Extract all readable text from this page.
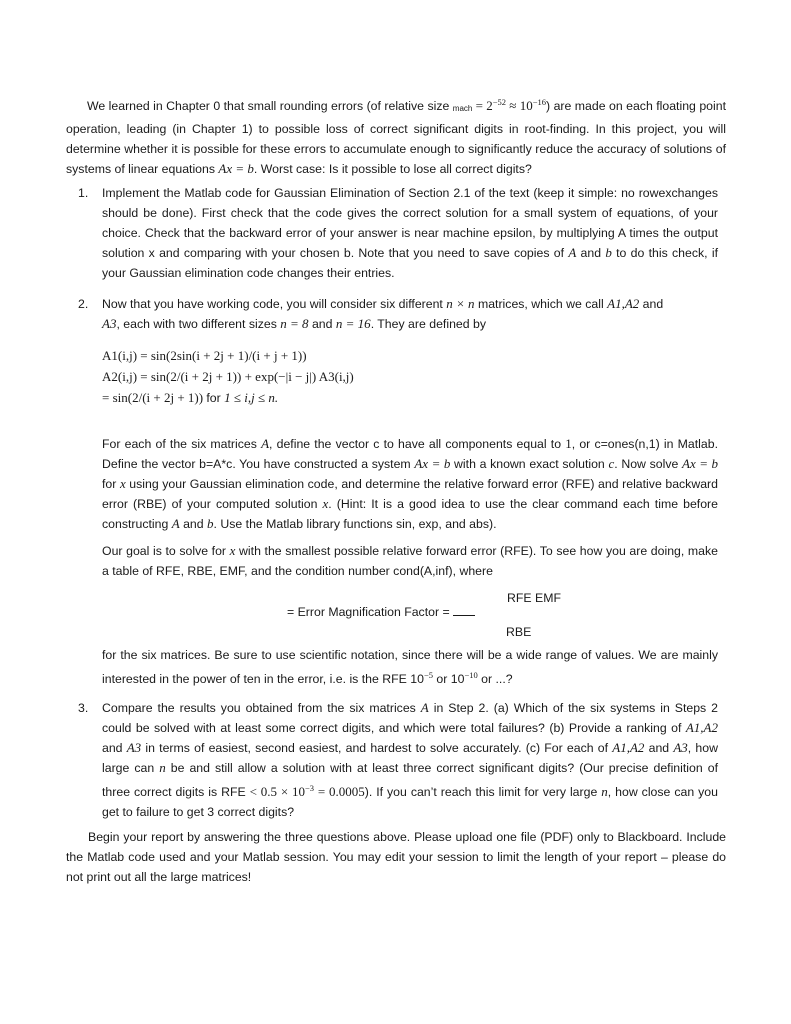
We learned in Chapter 0 that small rounding errors (of relative size mach = $2^{-52} \approx 10^{-16}$) are made on each floating point operation, leading (in Chapter 1) to possible loss of correct significant digits in root-finding. In this project, you will determine whether it is possible for these errors to accumulate enough to significantly reduce the accuracy of solutions of systems of linear equations Ax = b. Worst case: Is it possible to lose all correct digits?

1. Implement the Matlab code for Gaussian Elimination of Section 2.1 of the text (keep it simple: no rowexchanges should be done). First check that the code gives the correct solution for a small system of equations, of your choice. Check that the backward error of your answer is near machine epsilon, by multiplying A times the output solution x and comparing with your chosen b. Note that you need to save copies of A and b to do this check, if your Gaussian elimination code changes their entries.

2. Now that you have working code, you will consider six different n × n matrices, which we call A1,A2 and
A3, each with two different sizes n = 8 and n = 16. They are defined by

A1(i,j) = sin(2sin(i + 2j + 1)/(i + j + 1))
A2(i,j) = sin(2/(i + 2j + 1)) + exp(−|i − j|) A3(i,j)
= sin(2/(i + 2j + 1)) for 1 ≤ i,j ≤ n.

For each of the six matrices A, define the vector c to have all components equal to 1, or c=ones(n,1) in Matlab. Define the vector b=A*c. You have constructed a system Ax = b with a known exact solution c. Now solve Ax = b for x using your Gaussian elimination code, and determine the relative forward error (RFE) and relative backward error (RBE) of your computed solution x. (Hint: It is a good idea to use the clear command each time before constructing A and b. Use the Matlab library functions sin, exp, and abs).

Our goal is to solve for x with the smallest possible relative forward error (RFE). To see how you are doing, make a table of RFE, RBE, EMF, and the condition number cond(A,inf), where

RFE EMF
= Error Magnification Factor =
RBE

for the six matrices. Be sure to use scientific notation, since there will be a wide range of values. We are mainly interested in the power of ten in the error, i.e. is the RFE $10^{-5}$ or $10^{-10}$ or ...?

3. Compare the results you obtained from the six matrices A in Step 2. (a) Which of the six systems in Steps 2 could be solved with at least some correct digits, and which were total failures? (b) Provide a ranking of A1,A2 and A3 in terms of easiest, second easiest, and hardest to solve accurately. (c) For each of A1,A2 and A3, how large can n be and still allow a solution with at least three correct significant digits? (Our precise definition of three correct digits is RFE < $0.5 \times 10^{-3} = 0.0005$). If you can’t reach this limit for very large n, how close can you get to failure to get 3 correct digits?

Begin your report by answering the three questions above. Please upload one file (PDF) only to Blackboard. Include the Matlab code used and your Matlab session. You may edit your session to limit the length of your report – please do not print out all the large matrices!
